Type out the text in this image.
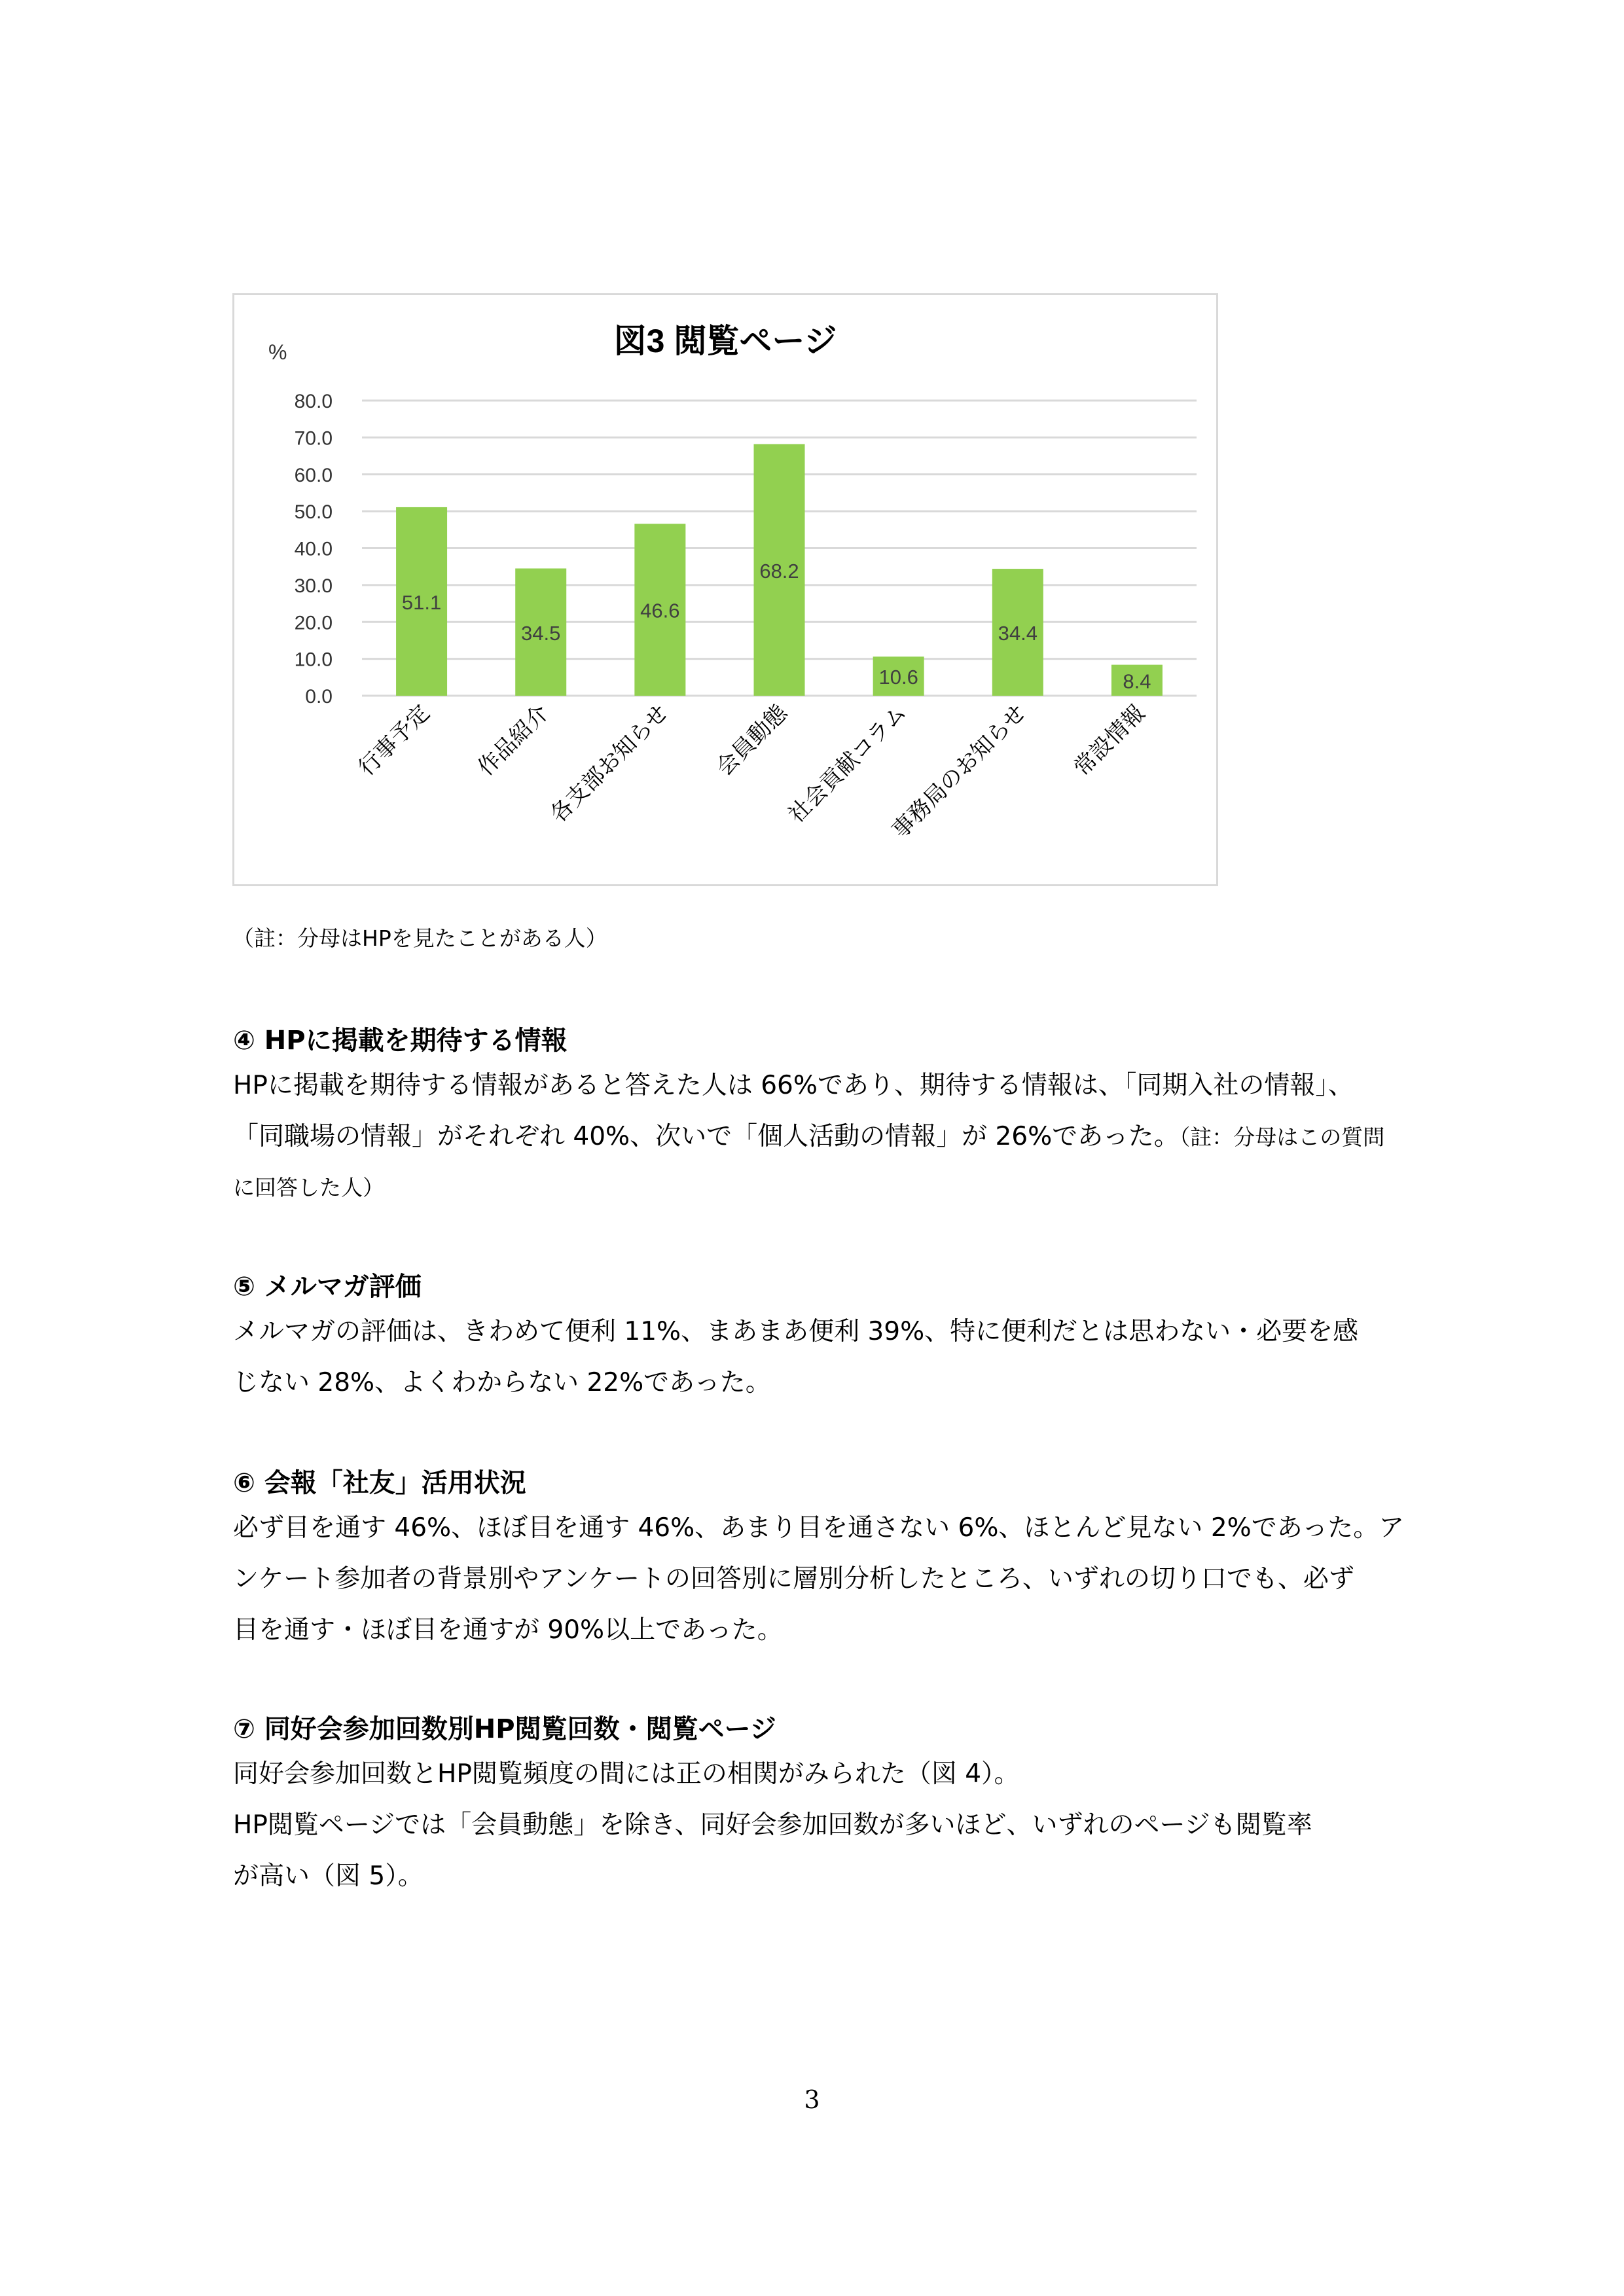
図3 閲覧ページ
%
0.0
10.0
20.0
30.0
40.0
50.0
60.0
70.0
80.0
51.1
行事予定
34.5
作品紹介
46.6
各支部お知らせ
68.2
会員動態
10.6
社会貢献コラム
34.4
事務局のお知らせ
8.4
常設情報
（註：分母はHPを見たことがある人）
④ HPに掲載を期待する情報
HPに掲載を期待する情報があると答えた人は 66%であり、期待する情報は、「同期入社の情報」、
「同職場の情報」がそれぞれ 40%、次いで「個人活動の情報」が 26%であった。（註：分母はこの質問
に回答した人）
⑤ メルマガ評価
メルマガの評価は、きわめて便利 11%、まあまあ便利 39%、特に便利だとは思わない・必要を感
じない 28%、よくわからない 22%であった。
⑥ 会報「社友」活用状況
必ず目を通す 46%、ほぼ目を通す 46%、あまり目を通さない 6%、ほとんど見ない 2%であった。ア
ンケート参加者の背景別やアンケートの回答別に層別分析したところ、いずれの切り口でも、必ず
目を通す・ほぼ目を通すが 90%以上であった。
⑦ 同好会参加回数別HP閲覧回数・閲覧ページ
同好会参加回数とHP閲覧頻度の間には正の相関がみられた（図 4）。
HP閲覧ページでは「会員動態」を除き、同好会参加回数が多いほど、いずれのページも閲覧率
が高い（図 5）。
3
